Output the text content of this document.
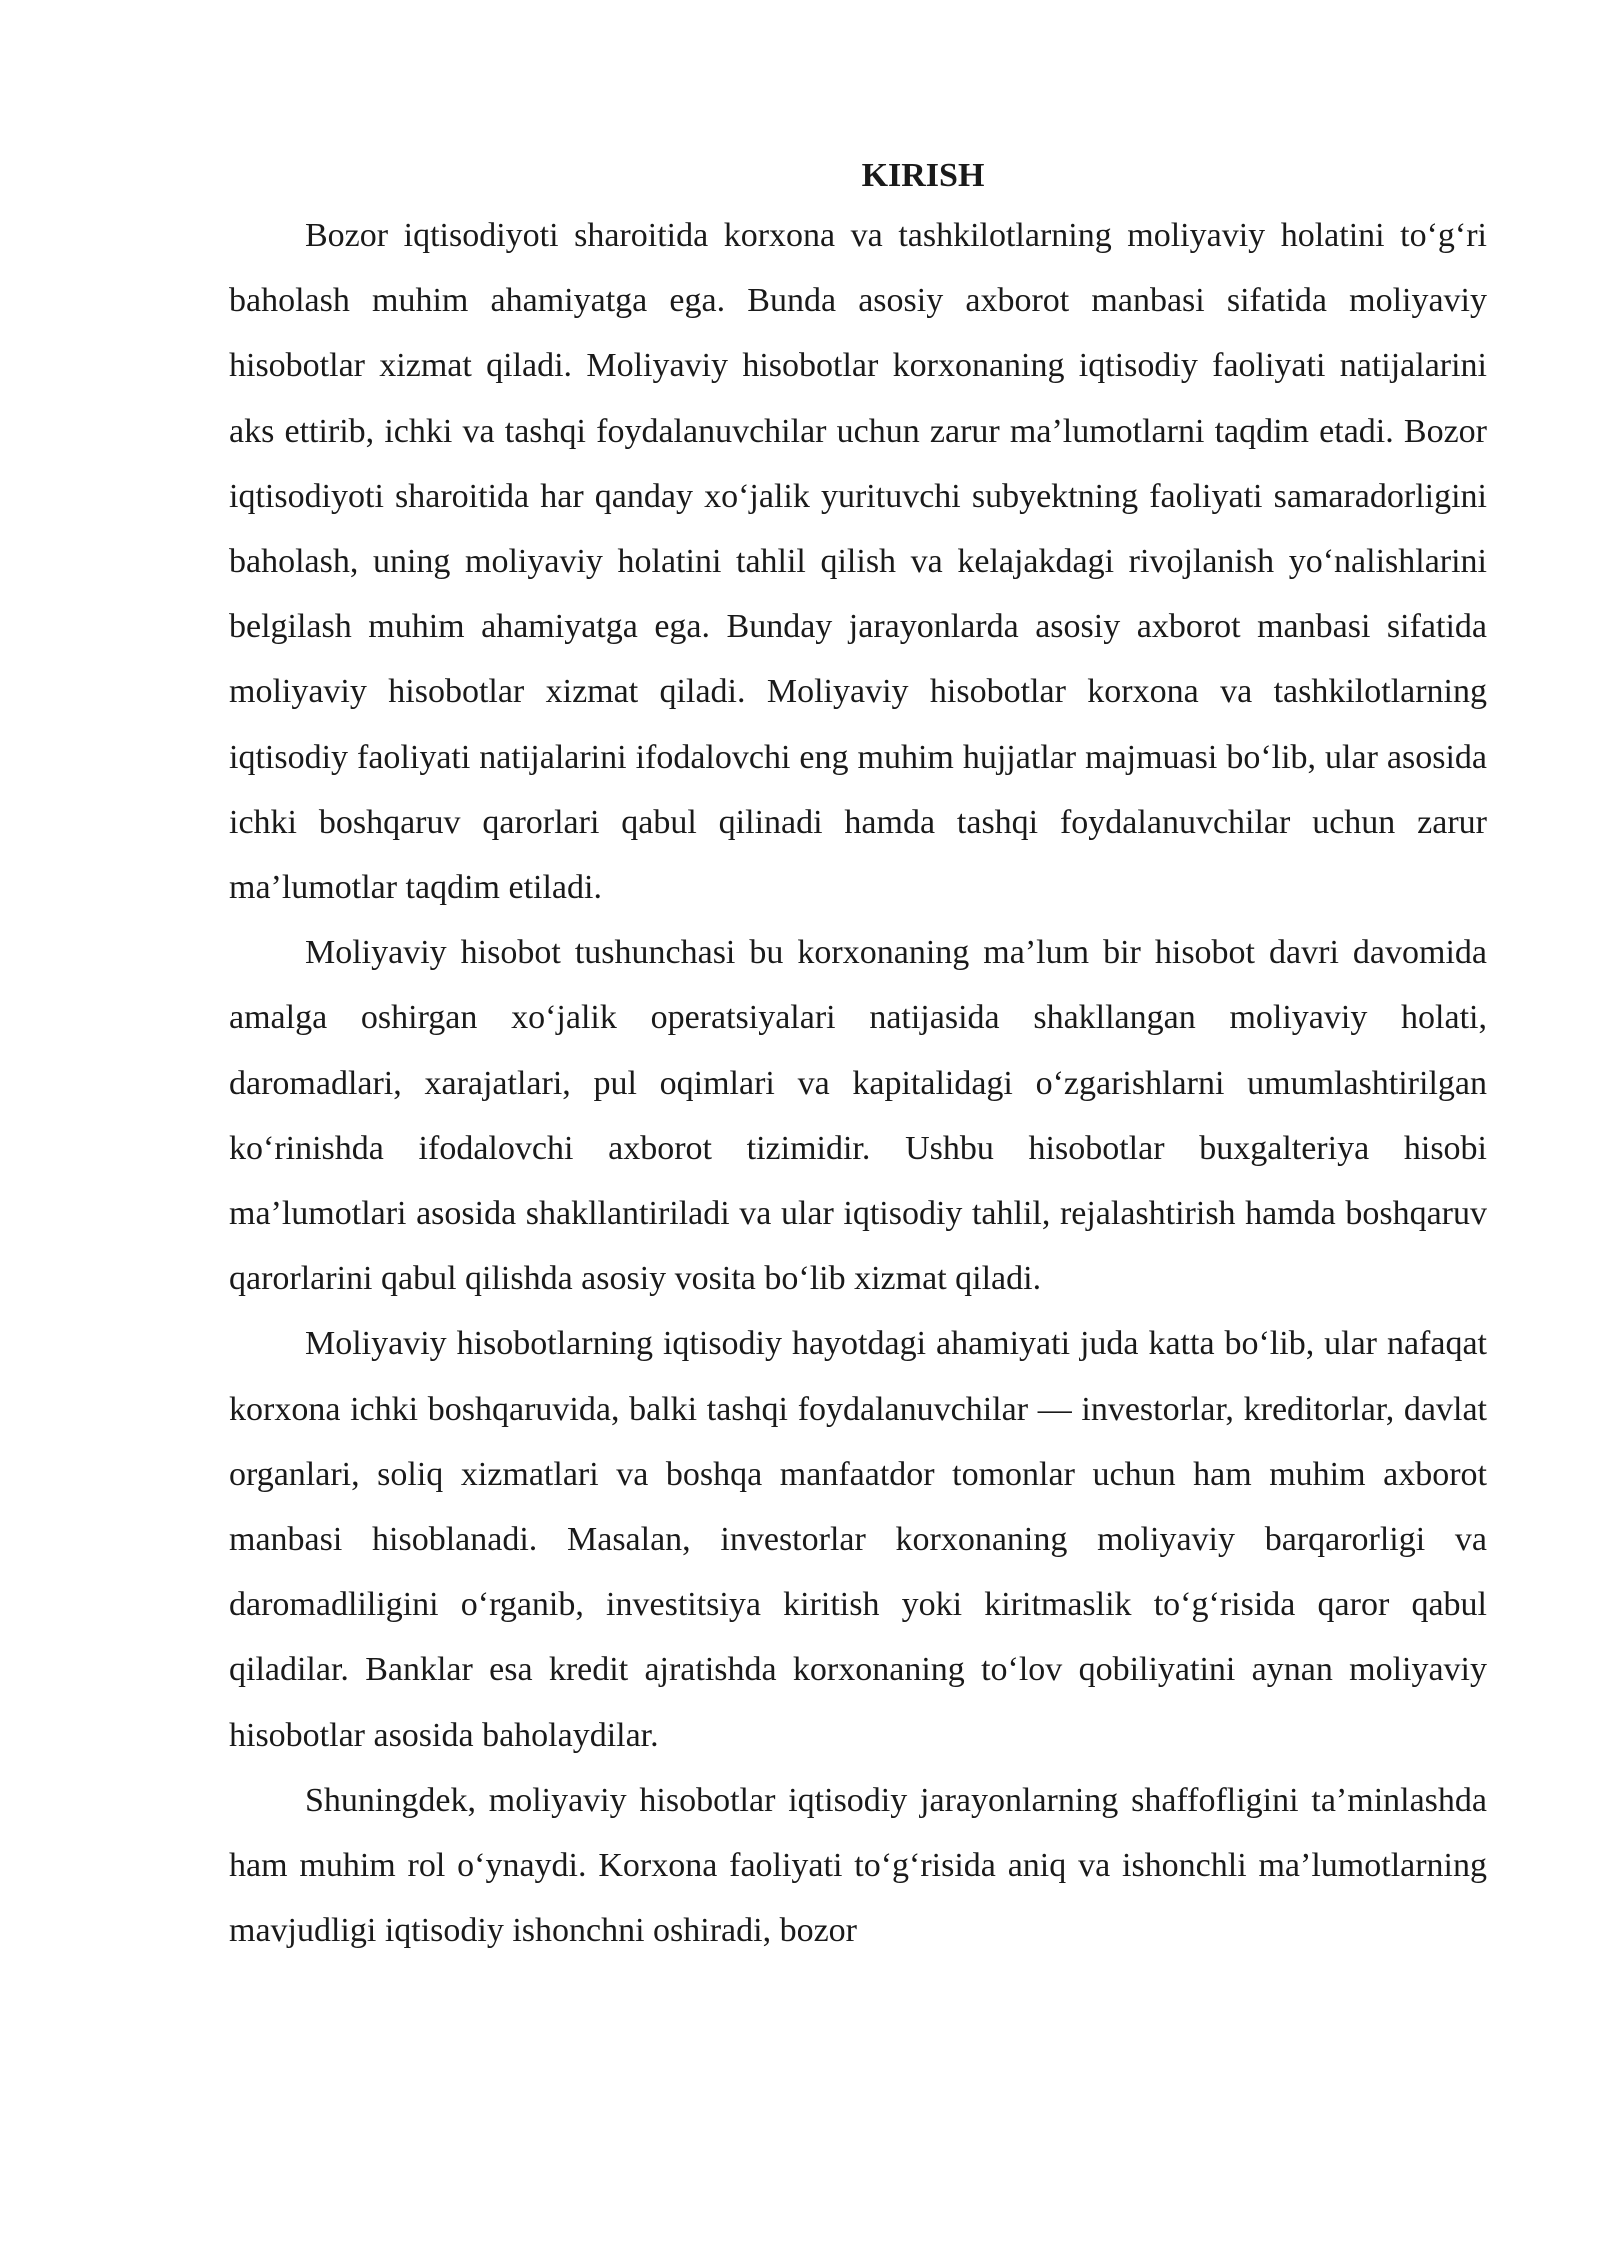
KIRISH

Bozor iqtisodiyoti sharoitida korxona va tashkilotlarning moliyaviy holatini to‘g‘ri baholash muhim ahamiyatga ega. Bunda asosiy axborot manbasi sifatida moliyaviy hisobotlar xizmat qiladi. Moliyaviy hisobotlar korxonaning iqtisodiy faoliyati natijalarini aks ettirib, ichki va tashqi foydalanuvchilar uchun zarur ma’lumotlarni taqdim etadi. Bozor iqtisodiyoti sharoitida har qanday xo‘jalik yurituvchi subyektning faoliyati samaradorligini baholash, uning moliyaviy holatini tahlil qilish va kelajakdagi rivojlanish yo‘nalishlarini belgilash muhim ahamiyatga ega. Bunday jarayonlarda asosiy axborot manbasi sifatida moliyaviy hisobotlar xizmat qiladi. Moliyaviy hisobotlar korxona va tashkilotlarning iqtisodiy faoliyati natijalarini ifodalovchi eng muhim hujjatlar majmuasi bo‘lib, ular asosida ichki boshqaruv qarorlari qabul qilinadi hamda tashqi foydalanuvchilar uchun zarur ma’lumotlar taqdim etiladi.

Moliyaviy hisobot tushunchasi bu korxonaning ma’lum bir hisobot davri davomida amalga oshirgan xo‘jalik operatsiyalari natijasida shakllangan moliyaviy holati, daromadlari, xarajatlari, pul oqimlari va kapitalidagi o‘zgarishlarni umumlashtirilgan ko‘rinishda ifodalovchi axborot tizimidir. Ushbu hisobotlar buxgalteriya hisobi ma’lumotlari asosida shakllantiriladi va ular iqtisodiy tahlil, rejalashtirish hamda boshqaruv qarorlarini qabul qilishda asosiy vosita bo‘lib xizmat qiladi.

Moliyaviy hisobotlarning iqtisodiy hayotdagi ahamiyati juda katta bo‘lib, ular nafaqat korxona ichki boshqaruvida, balki tashqi foydalanuvchilar — investorlar, kreditorlar, davlat organlari, soliq xizmatlari va boshqa manfaatdor tomonlar uchun ham muhim axborot manbasi hisoblanadi. Masalan, investorlar korxonaning moliyaviy barqarorligi va daromadliligini o‘rganib, investitsiya kiritish yoki kiritmaslik to‘g‘risida qaror qabul qiladilar. Banklar esa kredit ajratishda korxonaning to‘lov qobiliyatini aynan moliyaviy hisobotlar asosida baholaydilar.

Shuningdek, moliyaviy hisobotlar iqtisodiy jarayonlarning shaffofligini ta’minlashda ham muhim rol o‘ynaydi. Korxona faoliyati to‘g‘risida aniq va ishonchli ma’lumotlarning mavjudligi iqtisodiy ishonchni oshiradi, bozor
